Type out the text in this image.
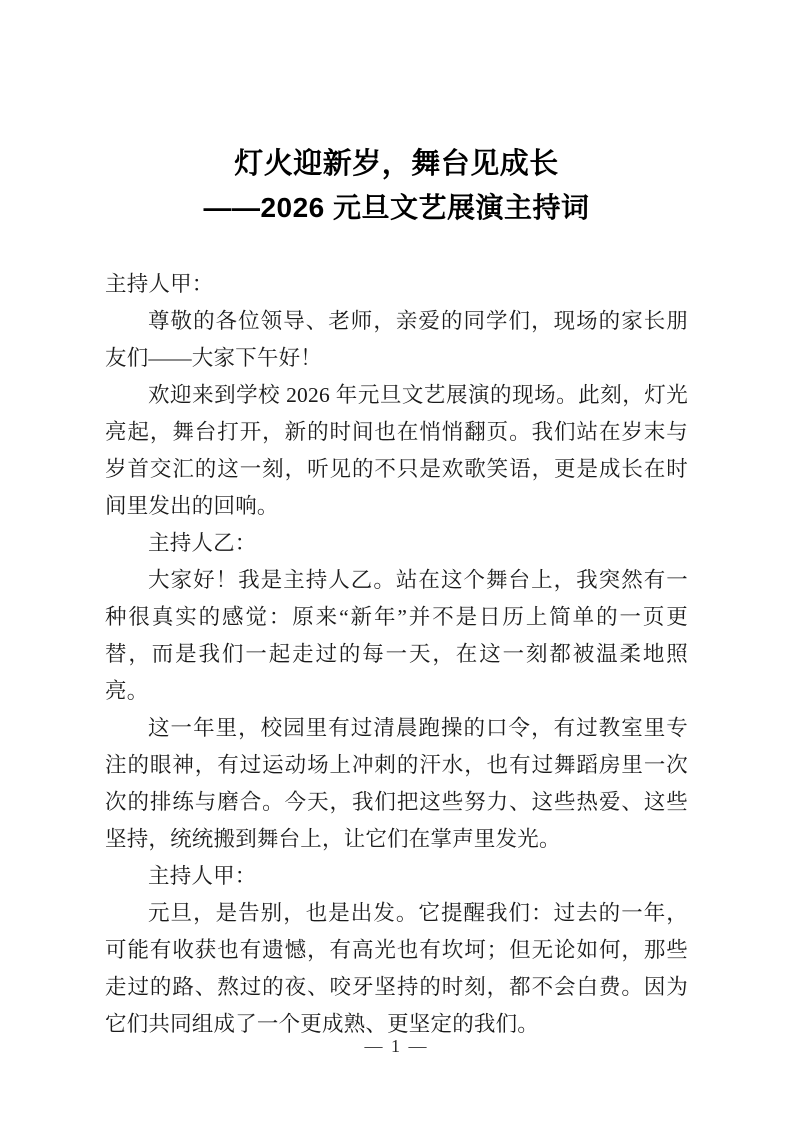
灯火迎新岁，舞台见成长
——2026 元旦文艺展演主持词

主持人甲：

尊敬的各位领导、老师，亲爱的同学们，现场的家长朋友们——大家下午好！

欢迎来到学校 2026 年元旦文艺展演的现场。此刻，灯光亮起，舞台打开，新的时间也在悄悄翻页。我们站在岁末与岁首交汇的这一刻，听见的不只是欢歌笑语，更是成长在时间里发出的回响。

主持人乙：

大家好！我是主持人乙。站在这个舞台上，我突然有一种很真实的感觉：原来“新年”并不是日历上简单的一页更替，而是我们一起走过的每一天，在这一刻都被温柔地照亮。

这一年里，校园里有过清晨跑操的口令，有过教室里专注的眼神，有过运动场上冲刺的汗水，也有过舞蹈房里一次次的排练与磨合。今天，我们把这些努力、这些热爱、这些坚持，统统搬到舞台上，让它们在掌声里发光。

主持人甲：

元旦，是告别，也是出发。它提醒我们：过去的一年，可能有收获也有遗憾，有高光也有坎坷；但无论如何，那些走过的路、熬过的夜、咬牙坚持的时刻，都不会白费。因为它们共同组成了一个更成熟、更坚定的我们。

— 1 —
